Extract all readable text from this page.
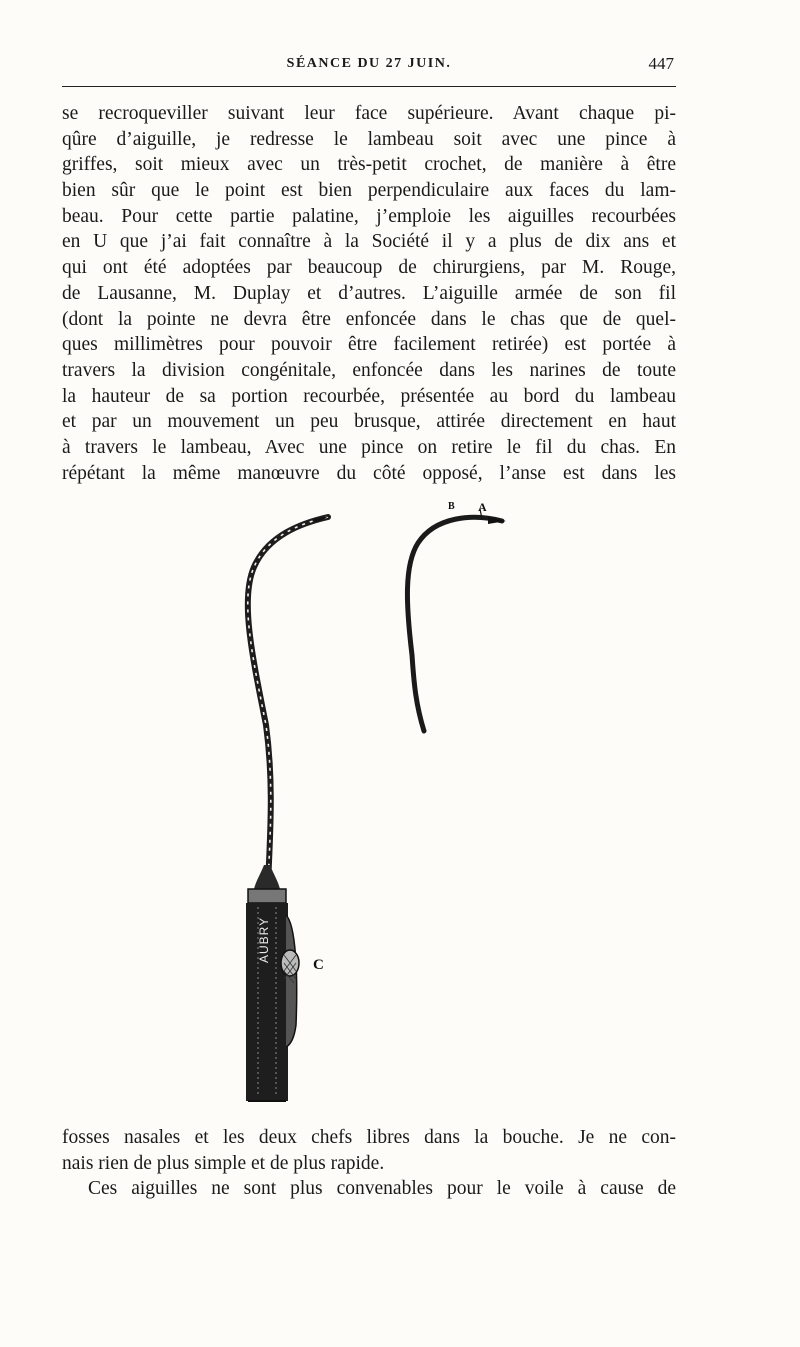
SÉANCE DU 27 JUIN.	447
se recroqueviller suivant leur face supérieure. Avant chaque pi-
qûre d’aiguille, je redresse le lambeau soit avec une pince à
griffes, soit mieux avec un très-petit crochet, de manière à être
bien sûr que le point est bien perpendiculaire aux faces du lam-
beau. Pour cette partie palatine, j’emploie les aiguilles recourbées
en U que j’ai fait connaître à la Société il y a plus de dix ans et
qui ont été adoptées par beaucoup de chirurgiens, par M. Rouge,
de Lausanne, M. Duplay et d’autres. L’aiguille armée de son fil
(dont la pointe ne devra être enfoncée dans le chas que de quel-
ques millimètres pour pouvoir être facilement retirée) est portée à
travers la division congénitale, enfoncée dans les narines de toute
la hauteur de sa portion recourbée, présentée au bord du lambeau
et par un mouvement un peu brusque, attirée directement en haut
à travers le lambeau, Avec une pince on retire le fil du chas. En
répétant la même manœuvre du côté opposé, l’anse est dans les
B A
C
AUBRY
fosses nasales et les deux chefs libres dans la bouche. Je ne con-
nais rien de plus simple et de plus rapide.
Ces aiguilles ne sont plus convenables pour le voile à cause de
